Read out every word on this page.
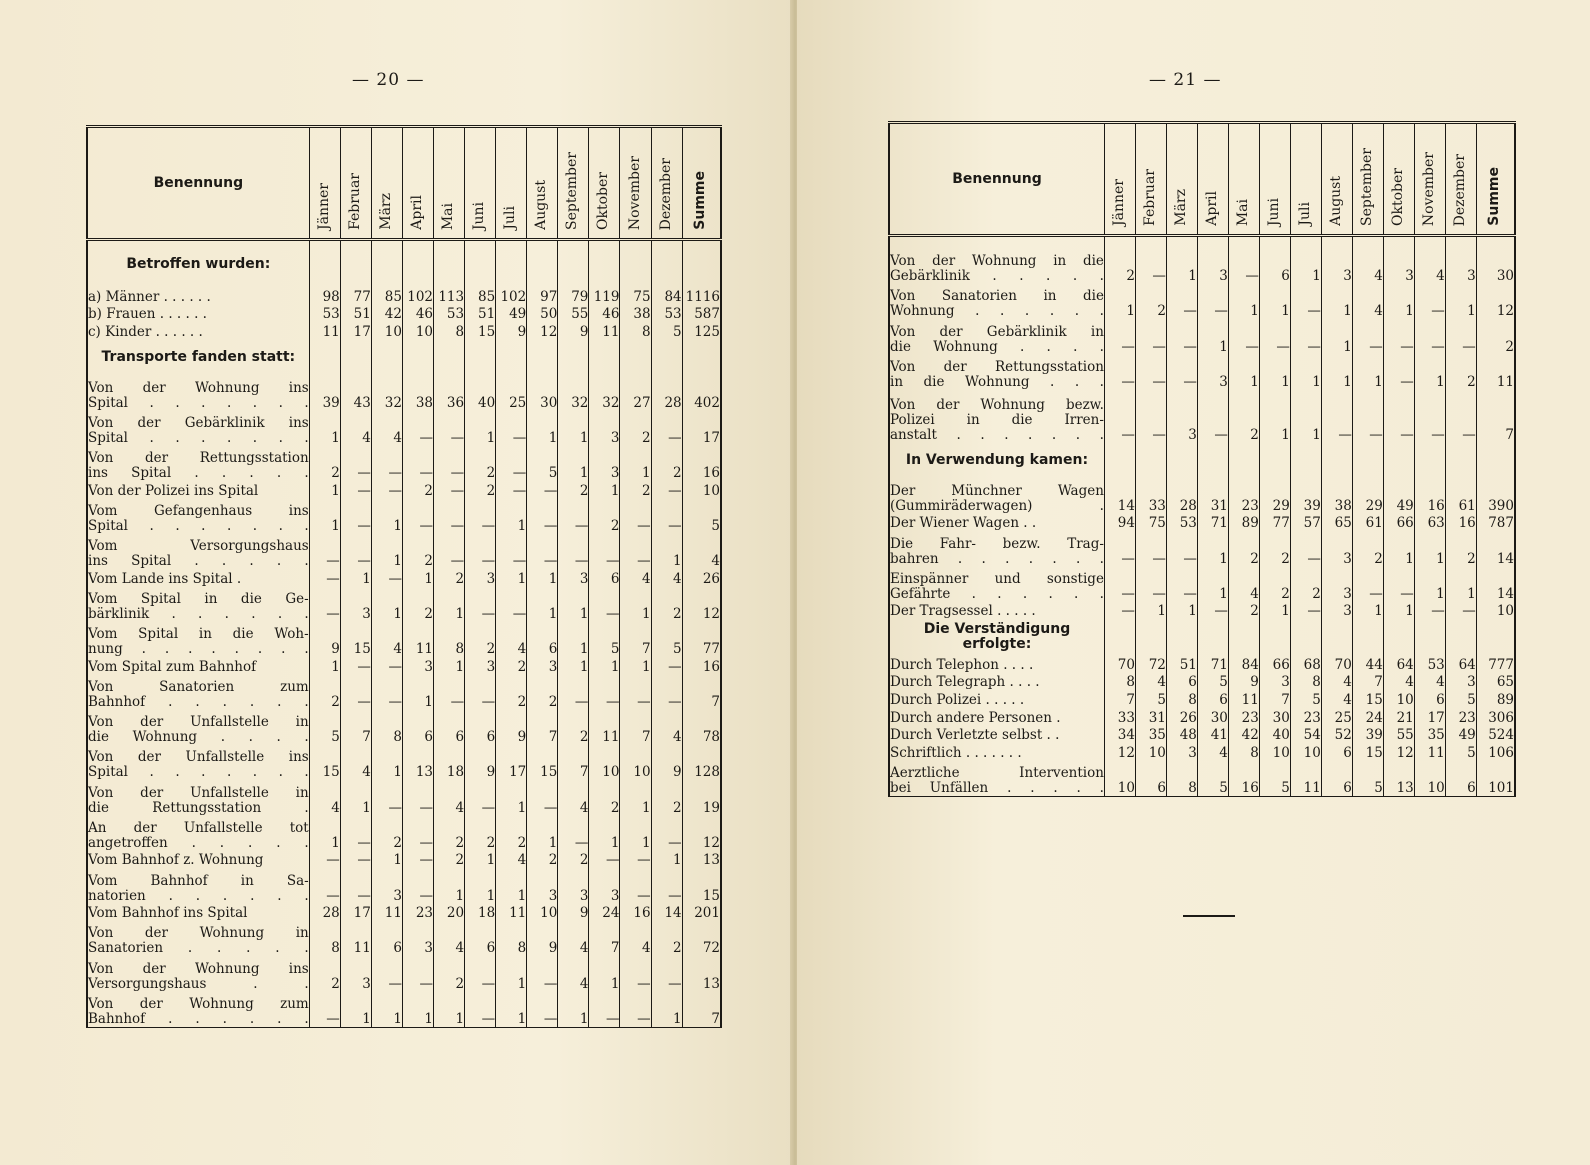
— 20 —
Benennung	Jänner	Februar	März	April	Mai	Juni	Juli	August	September	Oktober	November	Dezember	Summe

Betroffen wurden:													

a) Männer . . . . . .	98	77	85	102	113	85	102	97	79	119	75	84	1116

b) Frauen . . . . . .	53	51	42	46	53	51	49	50	55	46	38	53	587

c) Kinder . . . . . .	11	17	10	10	8	15	9	12	9	11	8	5	125
Transporte fanden statt:													

Von der Wohnung ins
Spital . . . . . . .	39	43	32	38	36	40	25	30	32	32	27	28	402

Von der Gebärklinik ins
Spital . . . . . . .	1	4	4	—	—	1	—	1	1	3	2	—	17

Von der Rettungsstation
ins Spital . . . . .	2	—	—	—	—	2	—	5	1	3	1	2	16

Von der Polizei ins Spital	1	—	—	2	—	2	—	—	2	1	2	—	10

Vom Gefangenhaus ins
Spital . . . . . . .	1	—	1	—	—	—	1	—	—	2	—	—	5

Vom Versorgungshaus
ins Spital . . . . .	—	—	1	2	—	—	—	—	—	—	—	1	4

Vom Lande ins Spital .	—	1	—	1	2	3	1	1	3	6	4	4	26

Vom Spital in die Ge-
bärklinik . . . . . .	—	3	1	2	1	—	—	1	1	—	1	2	12

Vom Spital in die Woh-
nung . . . . . . . .	9	15	4	11	8	2	4	6	1	5	7	5	77

Vom Spital zum Bahnhof	1	—	—	3	1	3	2	3	1	1	1	—	16

Von Sanatorien zum
Bahnhof . . . . . .	2	—	—	1	—	—	2	2	—	—	—	—	7

Von der Unfallstelle in
die Wohnung . . . .	5	7	8	6	6	6	9	7	2	11	7	4	78

Von der Unfallstelle ins
Spital . . . . . . .	15	4	1	13	18	9	17	15	7	10	10	9	128

Von der Unfallstelle in
die Rettungsstation .	4	1	—	—	4	—	1	—	4	2	1	2	19

An der Unfallstelle tot
angetroffen . . . . .	1	—	2	—	2	2	2	1	—	1	1	—	12

Vom Bahnhof z. Wohnung	—	—	1	—	2	1	4	2	2	—	—	1	13

Vom Bahnhof in Sa-
natorien . . . . . .	—	—	3	—	1	1	1	3	3	3	—	—	15

Vom Bahnhof ins Spital	28	17	11	23	20	18	11	10	9	24	16	14	201

Von der Wohnung in
Sanatorien . . . . .	8	11	6	3	4	6	8	9	4	7	4	2	72

Von der Wohnung ins
Versorgungshaus . .	2	3	—	—	2	—	1	—	4	1	—	—	13

Von der Wohnung zum
Bahnhof . . . . . .	—	1	1	1	1	—	1	—	1	—	—	1	7
— 21 —
Benennung	Jänner	Februar	März	April	Mai	Juni	Juli	August	September	Oktober	November	Dezember	Summe

Von der Wohnung in die
Gebärklinik . . . . .	2	—	1	3	—	6	1	3	4	3	4	3	30

Von Sanatorien in die
Wohnung . . . . . .	1	2	—	—	1	1	—	1	4	1	—	1	12

Von der Gebärklinik in
die Wohnung . . . .	—	—	—	1	—	—	—	1	—	—	—	—	2

Von der Rettungsstation
in die Wohnung . . .	—	—	—	3	1	1	1	1	1	—	1	2	11

Von der Wohnung bezw.
Polizei in die Irren-
anstalt . . . . . . .	—	—	3	—	2	1	1	—	—	—	—	—	7
In Verwendung kamen:													

Der Münchner Wagen
(Gummiräderwagen) .	14	33	28	31	23	29	39	38	29	49	16	61	390

Der Wiener Wagen . .	94	75	53	71	89	77	57	65	61	66	63	16	787

Die Fahr- bezw. Trag-
bahren . . . . . . .	—	—	—	1	2	2	—	3	2	1	1	2	14

Einspänner und sonstige
Gefährte . . . . . .	—	—	—	1	4	2	2	3	—	—	1	1	14

Der Tragsessel . . . . .	—	1	1	—	2	1	—	3	1	1	—	—	10
Die Verständigung erfolgte:													

Durch Telephon . . . .	70	72	51	71	84	66	68	70	44	64	53	64	777

Durch Telegraph . . . .	8	4	6	5	9	3	8	4	7	4	4	3	65

Durch Polizei . . . . .	7	5	8	6	11	7	5	4	15	10	6	5	89

Durch andere Personen .	33	31	26	30	23	30	23	25	24	21	17	23	306

Durch Verletzte selbst . .	34	35	48	41	42	40	54	52	39	55	35	49	524

Schriftlich . . . . . . .	12	10	3	4	8	10	10	6	15	12	11	5	106

Aerztliche Intervention
bei Unfällen . . . . .	10	6	8	5	16	5	11	6	5	13	10	6	101
